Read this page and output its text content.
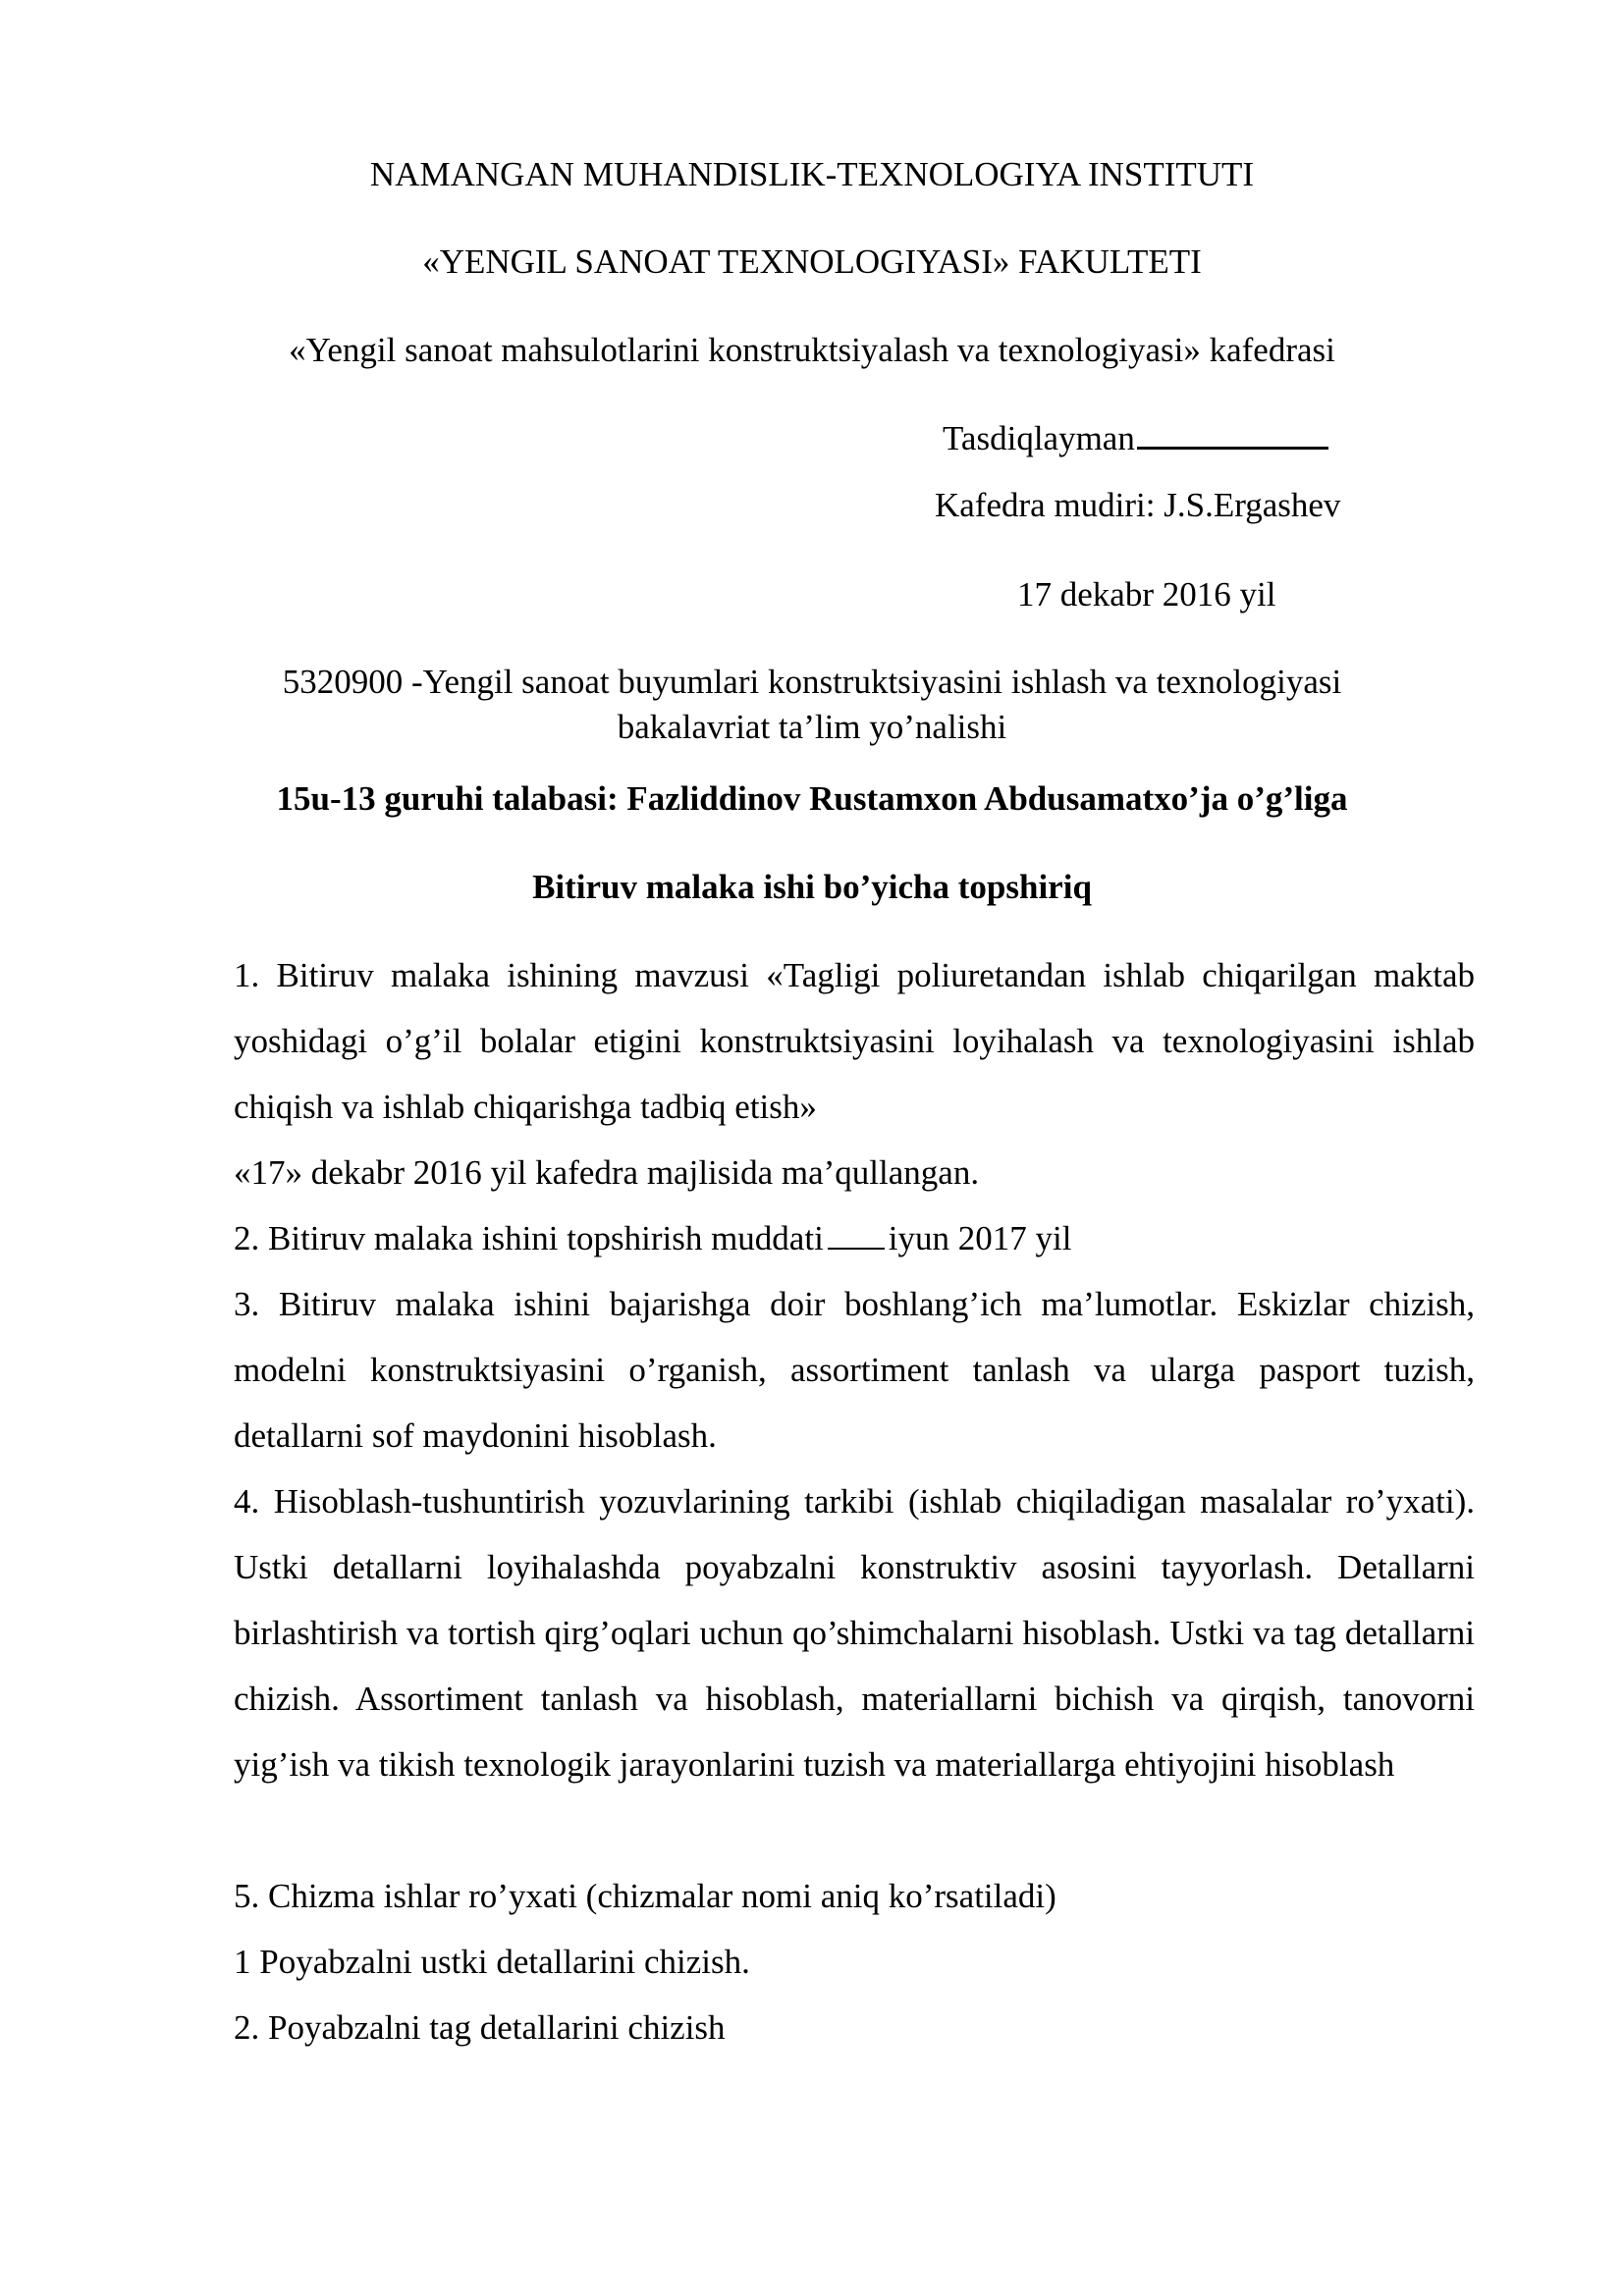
NAMANGAN MUHANDISLIK-TEXNOLOGIYA INSTITUTI
«YENGIL SANOAT TEXNOLOGIYASI» FAKULTETI
«Yengil sanoat mahsulotlarini konstruktsiyalash va texnologiyasi» kafedrasi
Tasdiqlayman
Kafedra mudiri: J.S.Ergashev
17 dekabr 2016 yil
5320900 -Yengil sanoat buyumlari konstruktsiyasini ishlash va texnologiyasi
bakalavriat ta’lim yo’nalishi
15u-13 guruhi talabasi: Fazliddinov Rustamxon Abdusamatxo’ja o’g’liga
Bitiruv malaka ishi bo’yicha topshiriq
1. Bitiruv malaka ishining mavzusi «Tagligi poliuretandan ishlab chiqarilgan maktab yoshidagi o’g’il bolalar etigini konstruktsiyasini loyihalash va texnologiyasini ishlab chiqish va ishlab chiqarishga tadbiq etish»
«17» dekabr 2016 yil kafedra majlisida ma’qullangan.
2. Bitiruv malaka ishini topshirish muddati iyun 2017 yil
3. Bitiruv malaka ishini bajarishga doir boshlang’ich ma’lumotlar. Eskizlar chizish, modelni konstruktsiyasini o’rganish, assortiment tanlash va ularga pasport tuzish, detallarni sof maydonini hisoblash.
4. Hisoblash-tushuntirish yozuvlarining tarkibi (ishlab chiqiladigan masalalar ro’yxati). Ustki detallarni loyihalashda poyabzalni konstruktiv asosini tayyorlash. Detallarni birlashtirish va tortish qirg’oqlari uchun qo’shimchalarni hisoblash. Ustki va tag detallarni chizish. Assortiment tanlash va hisoblash, materiallarni bichish va qirqish, tanovorni yig’ish va tikish texnologik jarayonlarini tuzish va materiallarga ehtiyojini hisoblash
5. Chizma ishlar ro’yxati (chizmalar nomi aniq ko’rsatiladi)
1 Poyabzalni ustki detallarini chizish.
2. Poyabzalni tag detallarini chizish
